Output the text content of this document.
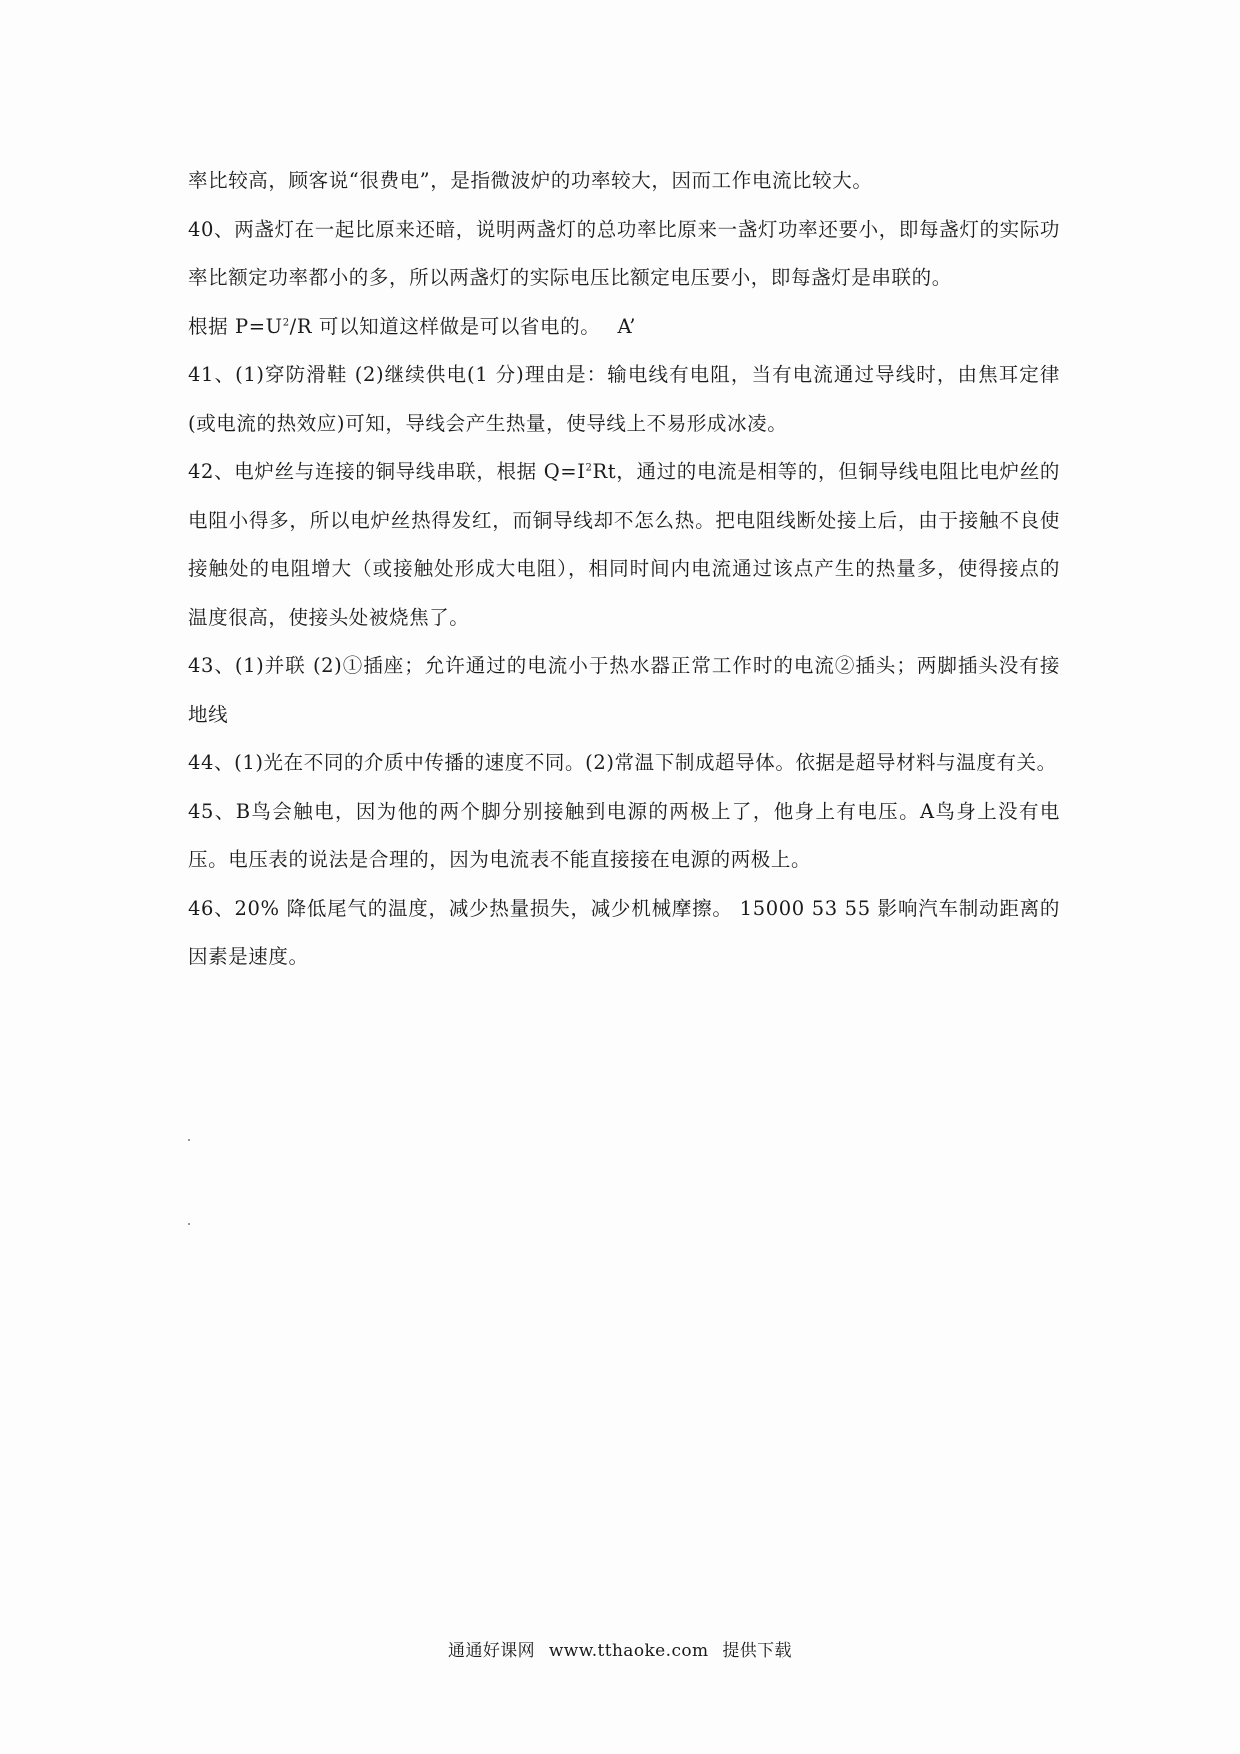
率比较高，顾客说“很费电”，是指微波炉的功率较大，因而工作电流比较大。

40、两盏灯在一起比原来还暗，说明两盏灯的总功率比原来一盏灯功率还要小，即每盏灯的实际功率比额定功率都小的多，所以两盏灯的实际电压比额定电压要小，即每盏灯是串联的。

根据 $P=U^2/R$ 可以知道这样做是可以省电的。　 A’

41、(1)穿防滑鞋 (2)继续供电(1 分)理由是：输电线有电阻，当有电流通过导线时，由焦耳定律(或电流的热效应)可知，导线会产生热量，使导线上不易形成冰凌。

42、电炉丝与连接的铜导线串联，根据 $Q=I^2Rt$，通过的电流是相等的，但铜导线电阻比电炉丝的电阻小得多，所以电炉丝热得发红，而铜导线却不怎么热。把电阻线断处接上后，由于接触不良使接触处的电阻增大（或接触处形成大电阻），相同时间内电流通过该点产生的热量多，使得接点的温度很高，使接头处被烧焦了。

43、(1)并联 (2)①插座；允许通过的电流小于热水器正常工作时的电流②插头；两脚插头没有接地线

44、(1)光在不同的介质中传播的速度不同。(2)常温下制成超导体。依据是超导材料与温度有关。

45、B鸟会触电，因为他的两个脚分别接触到电源的两极上了，他身上有电压。A鸟身上没有电压。电压表的说法是合理的，因为电流表不能直接接在电源的两极上。

46、20% 降低尾气的温度，减少热量损失，减少机械摩擦。 15000 53 55 影响汽车制动距离的因素是速度。

通通好课网 www.tthaoke.com 提供下载
